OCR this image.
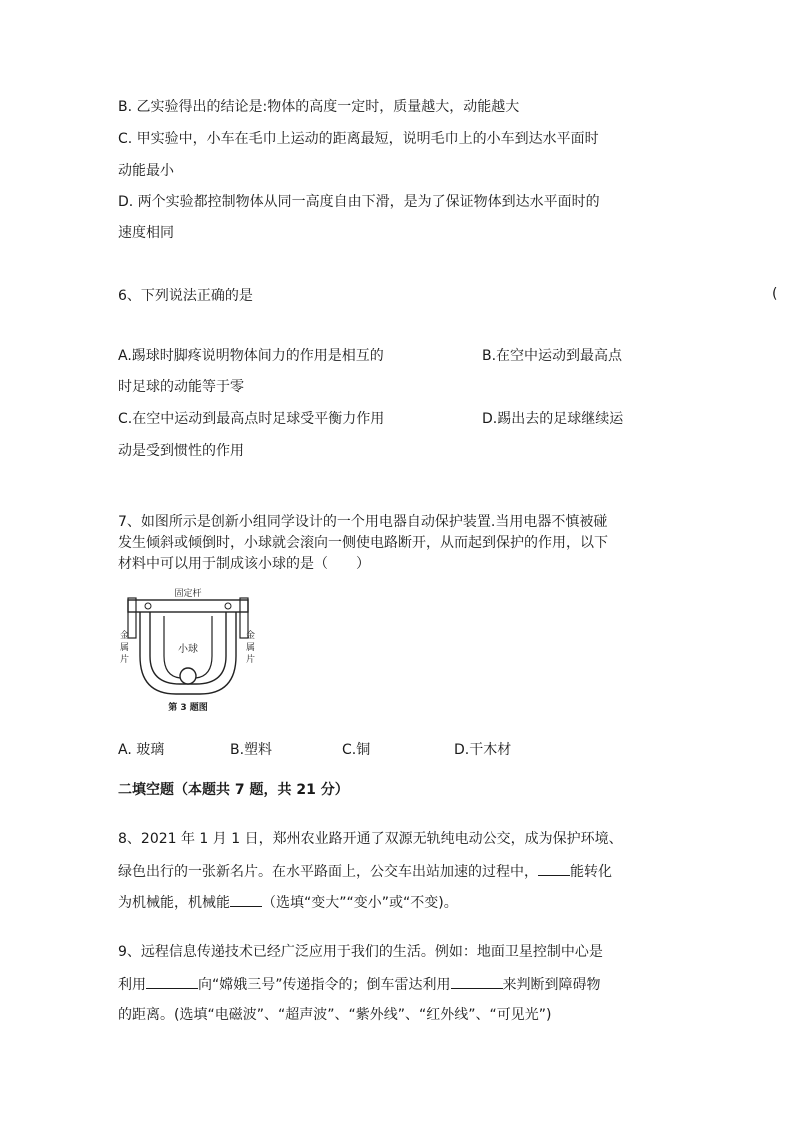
B. 乙实验得出的结论是:物体的高度一定时，质量越大，动能越大
C. 甲实验中，小车在毛巾上运动的距离最短，说明毛巾上的小车到达水平面时
动能最小
D. 两个实验都控制物体从同一高度自由下滑，是为了保证物体到达水平面时的
速度相同
6、下列说法正确的是	(
A.踢球时脚疼说明物体间力的作用是相互的	B.在空中运动到最高点
时足球的动能等于零
C.在空中运动到最高点时足球受平衡力作用	D.踢出去的足球继续运
动是受到惯性的作用
7、如图所示是创新小组同学设计的一个用电器自动保护装置.当用电器不慎被碰
发生倾斜或倾倒时，小球就会滚向一侧使电路断开，从而起到保护的作用，以下
材料中可以用于制成该小球的是（　　）
固定杆
小球
金属片
金属片
第 3 题图
A. 玻璃	B.塑料	C.铜	D.干木材
二填空题（本题共 7 题，共 21 分）
8、2021 年 1 月 1 日，郑州农业路开通了双源无轨纯电动公交，成为保护环境、
绿色出行的一张新名片。在水平路面上，公交车出站加速的过程中， 能转化
为机械能，机械能 （选填“变大”“变小”或“不变)。
9、远程信息传递技术已经广泛应用于我们的生活。例如：地面卫星控制中心是
利用	向“嫦娥三号”传递指令的；倒车雷达利用	来判断到障碍物
的距离。(选填“电磁波”、“超声波”、“紫外线”、“红外线”、“可见光”)
